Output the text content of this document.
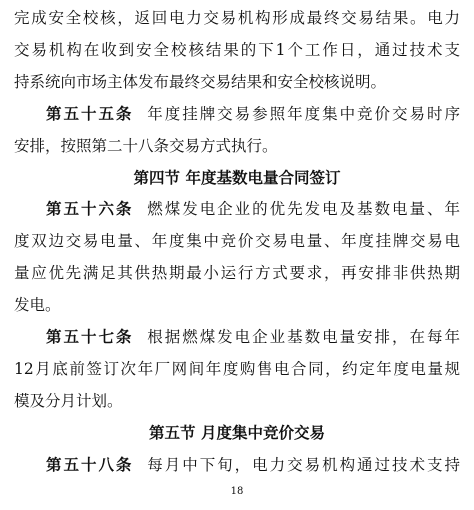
完成安全校核，返回电力交易机构形成最终交易结果。电力
交易机构在收到安全校核结果的下1个工作日，通过技术支
持系统向市场主体发布最终交易结果和安全校核说明。
第五十五条 年度挂牌交易参照年度集中竞价交易时序
安排，按照第二十八条交易方式执行。
第四节 年度基数电量合同签订
第五十六条 燃煤发电企业的优先发电及基数电量、年
度双边交易电量、年度集中竞价交易电量、年度挂牌交易电
量应优先满足其供热期最小运行方式要求，再安排非供热期
发电。
第五十七条 根据燃煤发电企业基数电量安排，在每年
12月底前签订次年厂网间年度购售电合同，约定年度电量规
模及分月计划。
第五节 月度集中竞价交易
第五十八条 每月中下旬，电力交易机构通过技术支持
18
